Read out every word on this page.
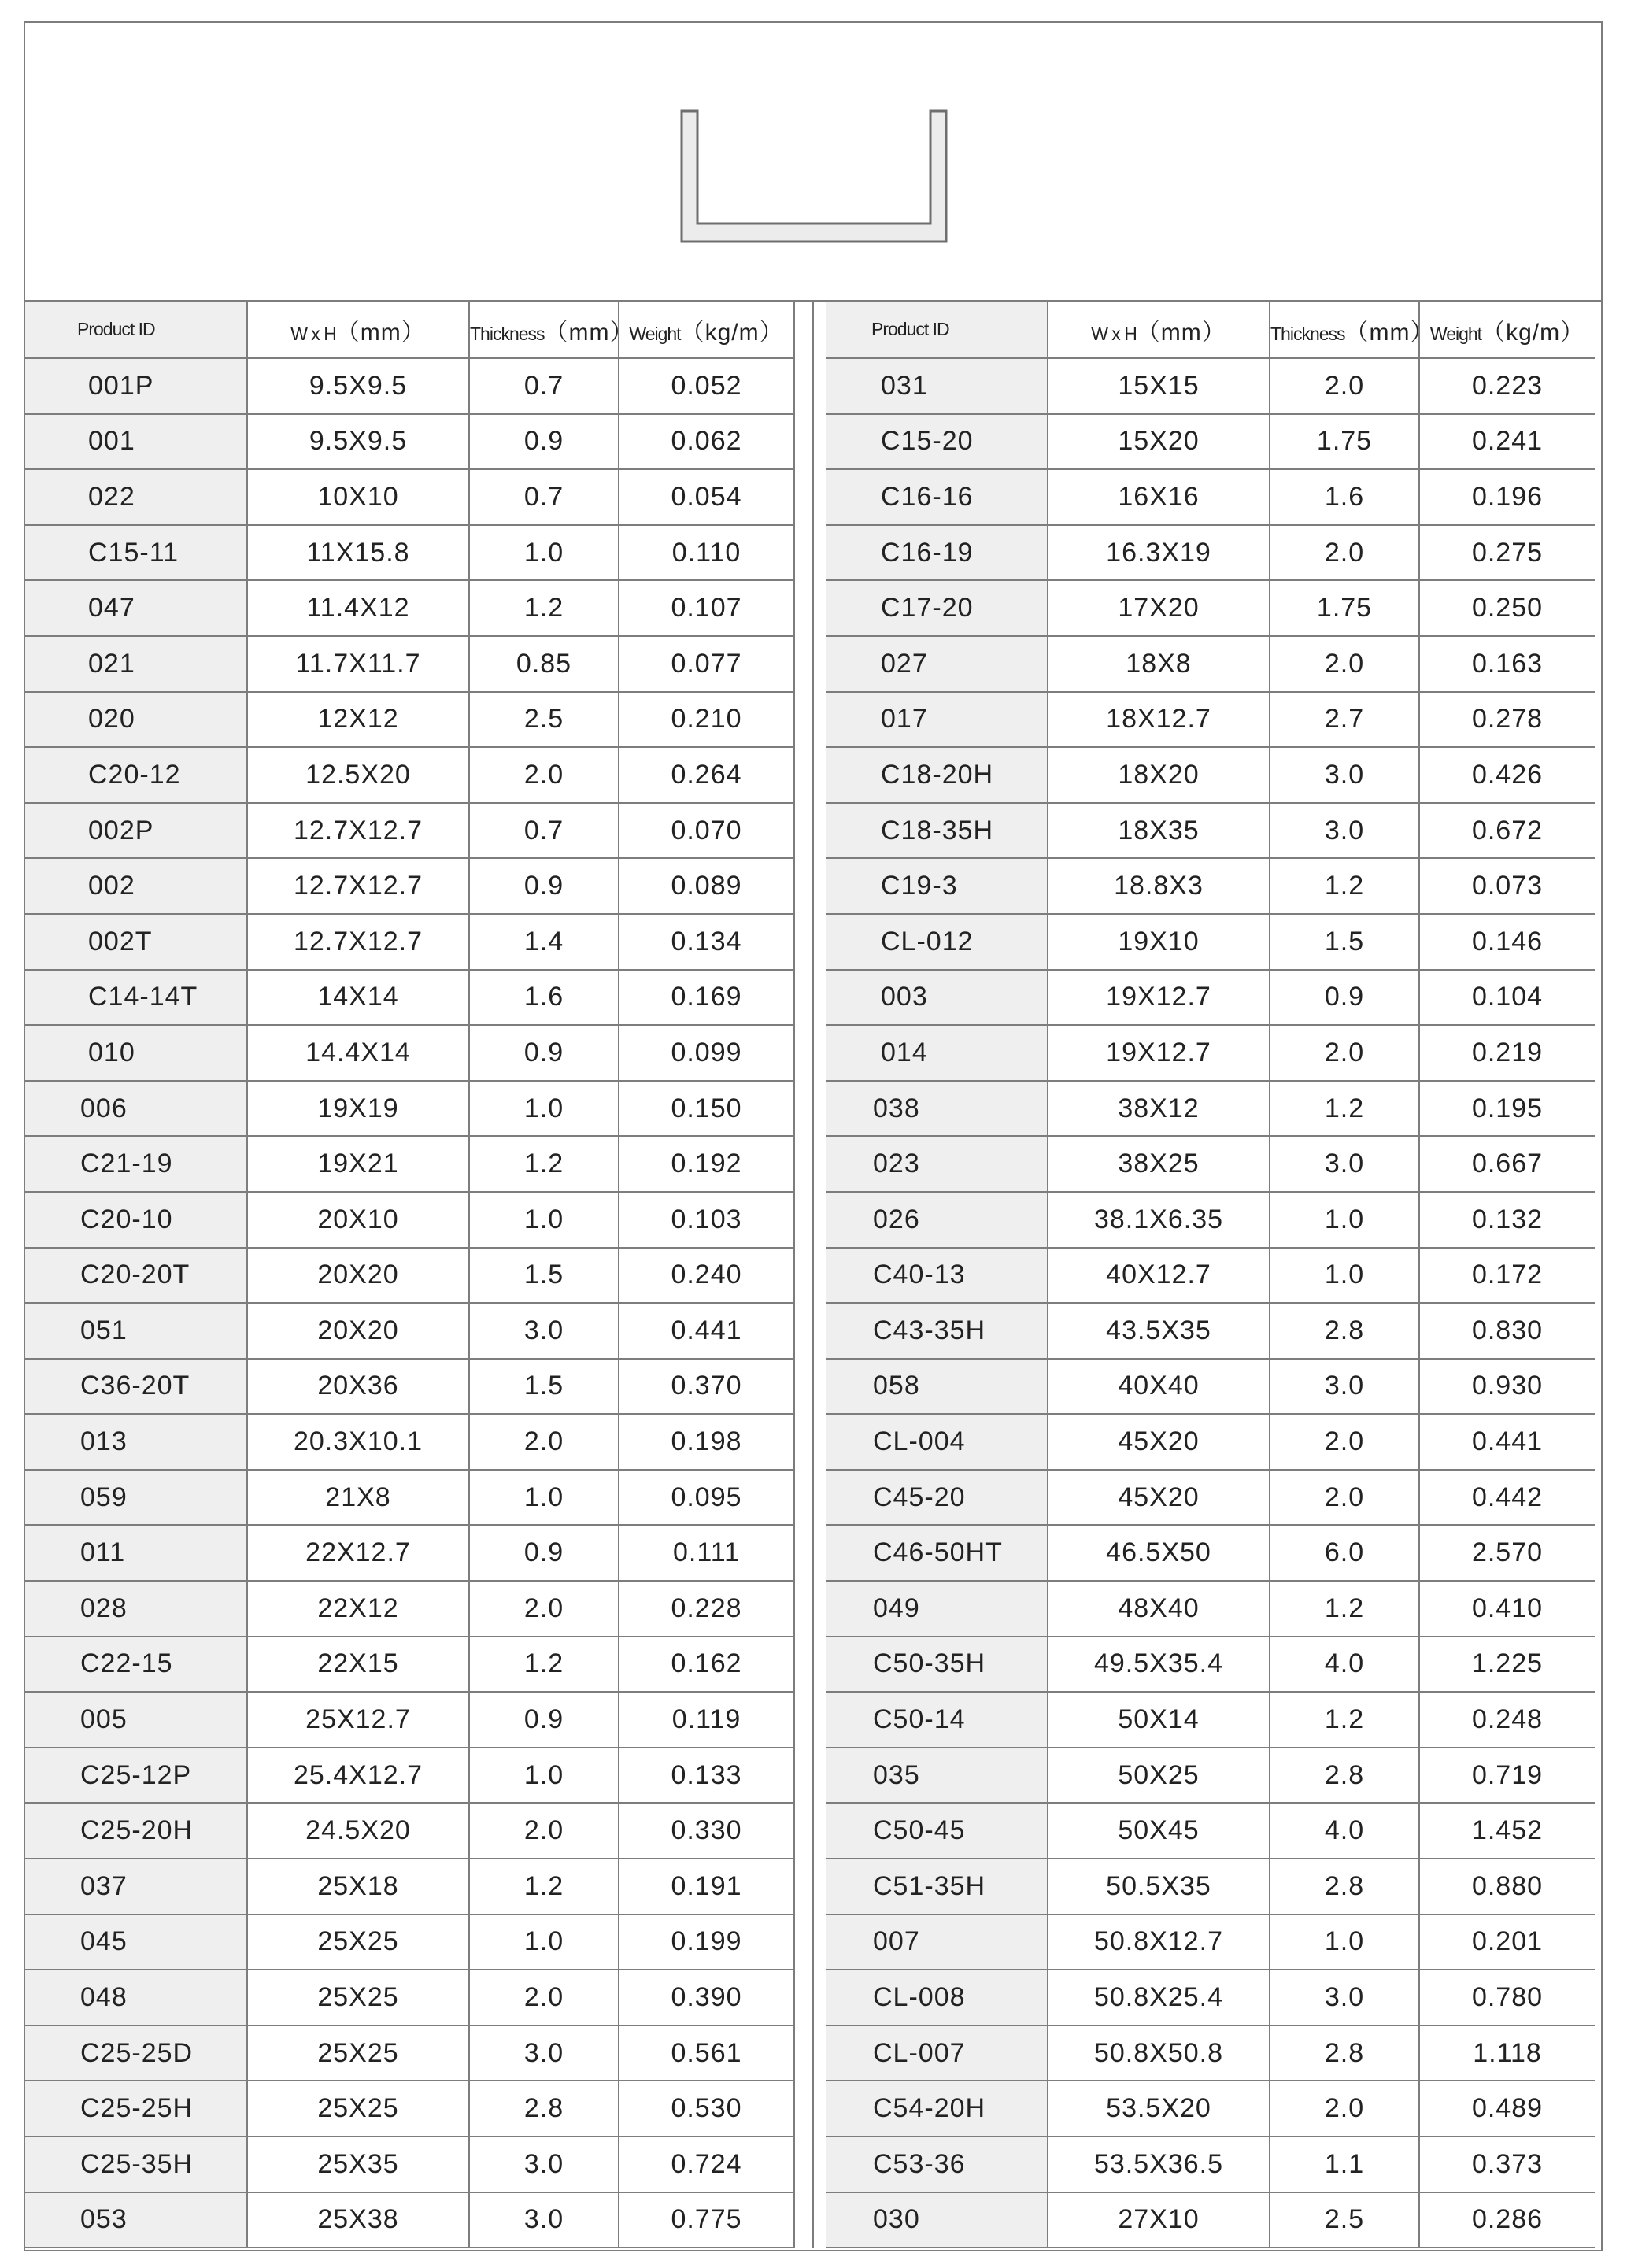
Product ID	W x H（mm）	Thickness（mm）	Weight（kg/m）
001P	9.5X9.5	0.7	0.052
001	9.5X9.5	0.9	0.062
022	10X10	0.7	0.054
C15-11	11X15.8	1.0	0.110
047	11.4X12	1.2	0.107
021	11.7X11.7	0.85	0.077
020	12X12	2.5	0.210
C20-12	12.5X20	2.0	0.264
002P	12.7X12.7	0.7	0.070
002	12.7X12.7	0.9	0.089
002T	12.7X12.7	1.4	0.134
C14-14T	14X14	1.6	0.169
010	14.4X14	0.9	0.099
006	19X19	1.0	0.150
C21-19	19X21	1.2	0.192
C20-10	20X10	1.0	0.103
C20-20T	20X20	1.5	0.240
051	20X20	3.0	0.441
C36-20T	20X36	1.5	0.370
013	20.3X10.1	2.0	0.198
059	21X8	1.0	0.095
011	22X12.7	0.9	0.111
028	22X12	2.0	0.228
C22-15	22X15	1.2	0.162
005	25X12.7	0.9	0.119
C25-12P	25.4X12.7	1.0	0.133
C25-20H	24.5X20	2.0	0.330
037	25X18	1.2	0.191
045	25X25	1.0	0.199
048	25X25	2.0	0.390
C25-25D	25X25	3.0	0.561
C25-25H	25X25	2.8	0.530
C25-35H	25X35	3.0	0.724
053	25X38	3.0	0.775
Product ID	W x H（mm）	Thickness（mm）	Weight（kg/m）
031	15X15	2.0	0.223
C15-20	15X20	1.75	0.241
C16-16	16X16	1.6	0.196
C16-19	16.3X19	2.0	0.275
C17-20	17X20	1.75	0.250
027	18X8	2.0	0.163
017	18X12.7	2.7	0.278
C18-20H	18X20	3.0	0.426
C18-35H	18X35	3.0	0.672
C19-3	18.8X3	1.2	0.073
CL-012	19X10	1.5	0.146
003	19X12.7	0.9	0.104
014	19X12.7	2.0	0.219
038	38X12	1.2	0.195
023	38X25	3.0	0.667
026	38.1X6.35	1.0	0.132
C40-13	40X12.7	1.0	0.172
C43-35H	43.5X35	2.8	0.830
058	40X40	3.0	0.930
CL-004	45X20	2.0	0.441
C45-20	45X20	2.0	0.442
C46-50HT	46.5X50	6.0	2.570
049	48X40	1.2	0.410
C50-35H	49.5X35.4	4.0	1.225
C50-14	50X14	1.2	0.248
035	50X25	2.8	0.719
C50-45	50X45	4.0	1.452
C51-35H	50.5X35	2.8	0.880
007	50.8X12.7	1.0	0.201
CL-008	50.8X25.4	3.0	0.780
CL-007	50.8X50.8	2.8	1.118
C54-20H	53.5X20	2.0	0.489
C53-36	53.5X36.5	1.1	0.373
030	27X10	2.5	0.286
